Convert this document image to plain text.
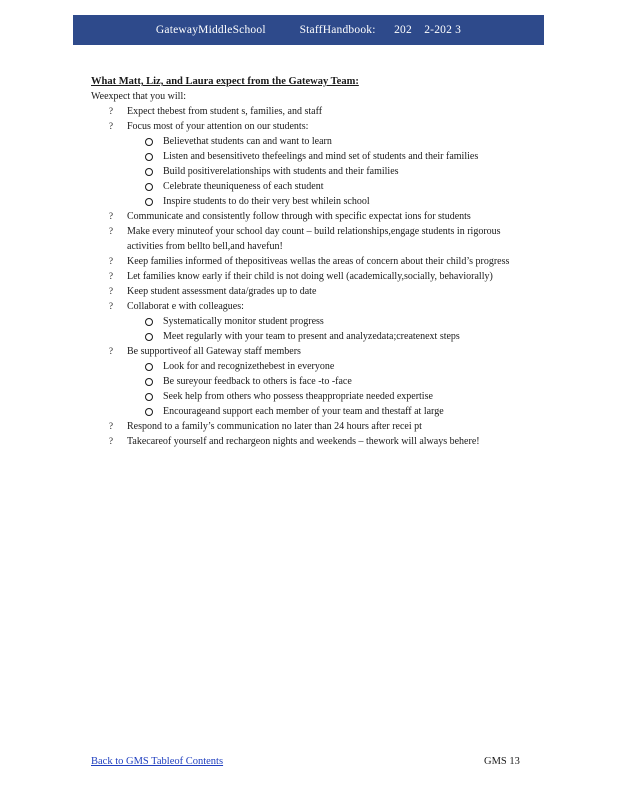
GatewayMiddleSchool
	StaffHandbook:
202    2-202 3
What Matt, Liz, and Laura expect from the Gateway Team:
Weexpect that you will:
? Expect thebest from student s, families, and staff
? Focus most of your attention on our students:
Believethat students can and want to learn
Listen and besensitiveto thefeelings and mind set of students and their families
Build positiverelationships with students and their families
Celebrate theuniqueness of each student
Inspire students to do their very best whilein school
? Communicate and consistently follow through with specific expectat ions for students
? Make every minuteof your school day count – build relationships,engage students in rigorous activities from bellto bell,and havefun!
? Keep families informed of thepositiveas wellas the areas of concern about their child’s progress
? Let families know early if their child is not doing well (academically,socially, behaviorally)
? Keep student assessment data/grades up to date
? Collaborat e with colleagues:
Systematically monitor student progress
Meet regularly with your team to present and analyzedata;createnext steps
? Be supportiveof all Gateway staff members
Look for and recognizethebest in everyone
Be sureyour feedback to others is face -to -face
Seek help from others who possess theappropriate needed expertise
Encourageand support each member of your team and thestaff at large
? Respond to a family’s communication no later than 24 hours after recei pt
? Takecareof yourself and rechargeon nights and weekends – thework will always behere!
Back to GMS Tableof Contents	GMS 13
